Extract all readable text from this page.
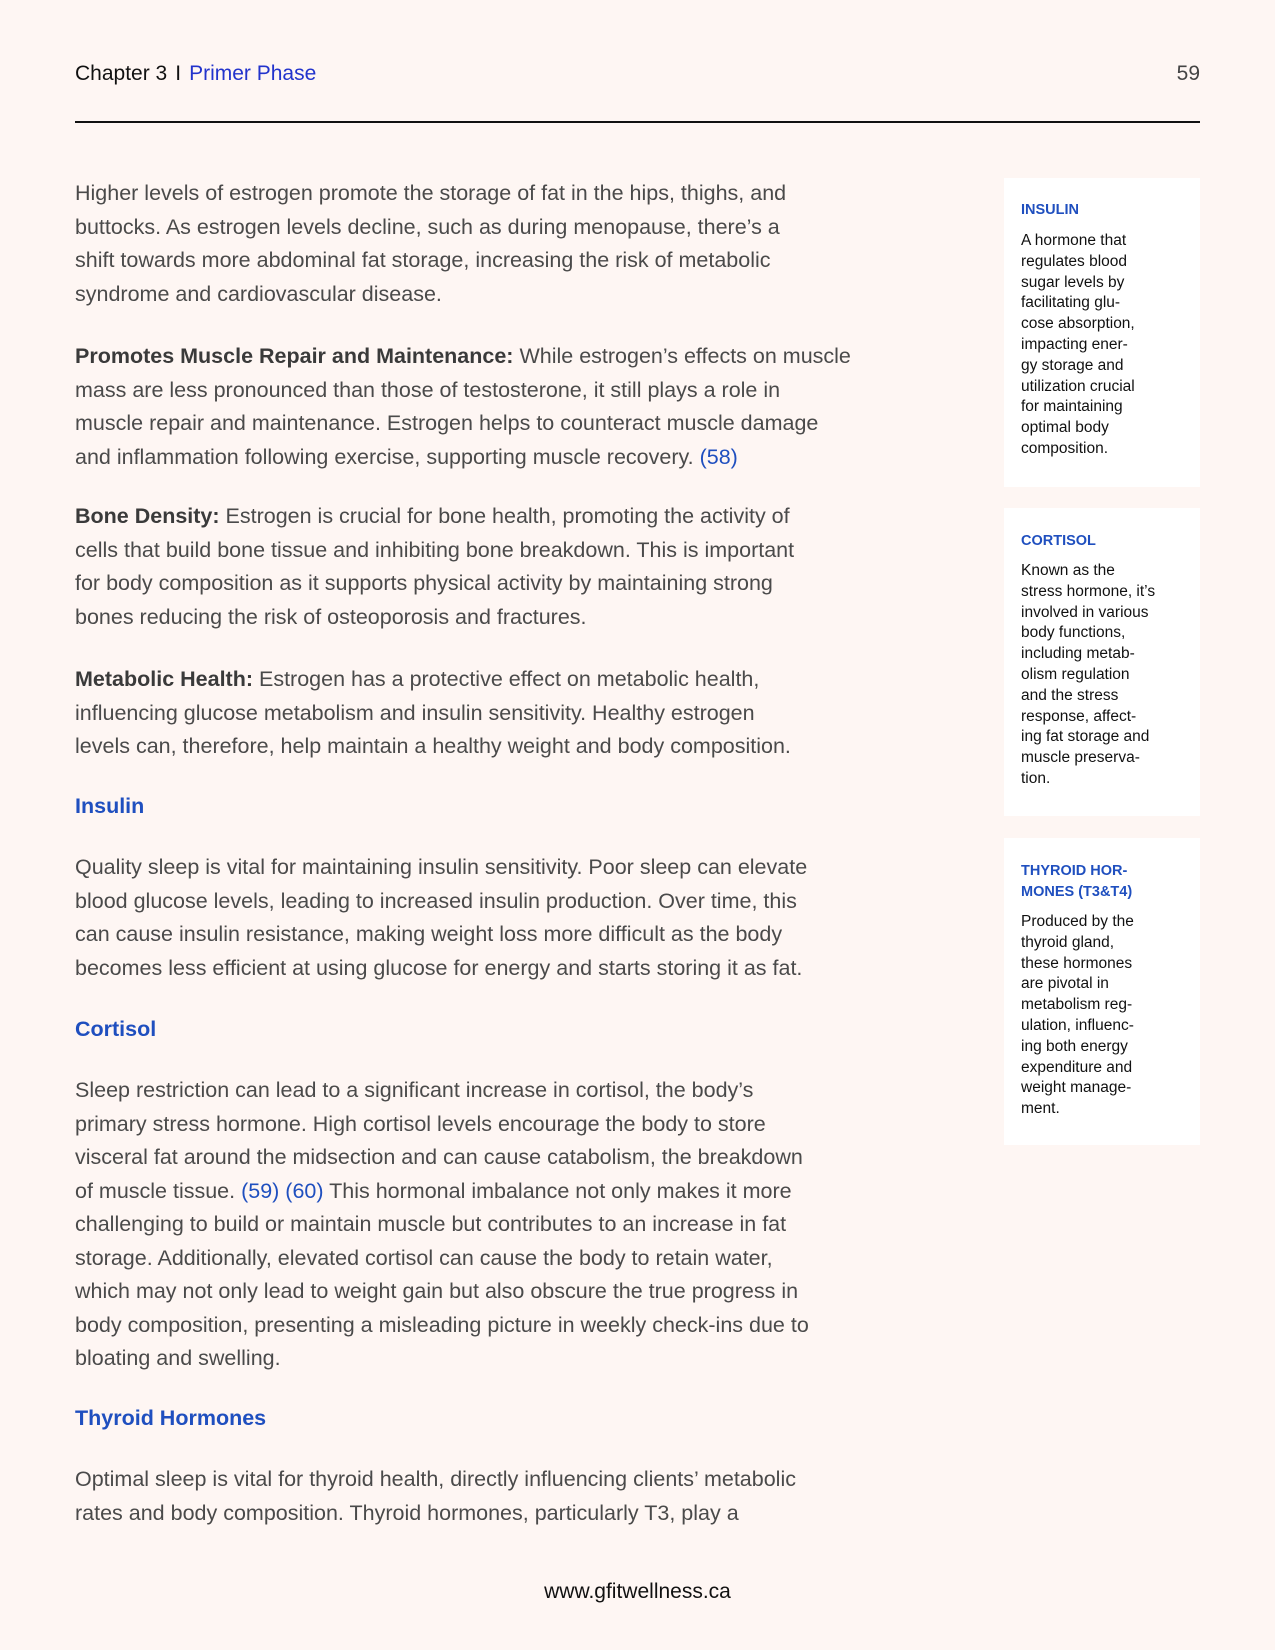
Chapter 3 I Primer Phase	59
Higher levels of estrogen promote the storage of fat in the hips, thighs, and
buttocks. As estrogen levels decline, such as during menopause, there’s a
shift towards more abdominal fat storage, increasing the risk of metabolic
syndrome and cardiovascular disease.
Promotes Muscle Repair and Maintenance: While estrogen’s effects on muscle
mass are less pronounced than those of testosterone, it still plays a role in
muscle repair and maintenance. Estrogen helps to counteract muscle damage
and inflammation following exercise, supporting muscle recovery. (58)
Bone Density: Estrogen is crucial for bone health, promoting the activity of
cells that build bone tissue and inhibiting bone breakdown. This is important
for body composition as it supports physical activity by maintaining strong
bones reducing the risk of osteoporosis and fractures.
Metabolic Health: Estrogen has a protective effect on metabolic health,
influencing glucose metabolism and insulin sensitivity. Healthy estrogen
levels can, therefore, help maintain a healthy weight and body composition.
Insulin
Quality sleep is vital for maintaining insulin sensitivity. Poor sleep can elevate
blood glucose levels, leading to increased insulin production. Over time, this
can cause insulin resistance, making weight loss more difficult as the body
becomes less efficient at using glucose for energy and starts storing it as fat.
Cortisol
Sleep restriction can lead to a significant increase in cortisol, the body’s
primary stress hormone. High cortisol levels encourage the body to store
visceral fat around the midsection and can cause catabolism, the breakdown
of muscle tissue. (59) (60) This hormonal imbalance not only makes it more
challenging to build or maintain muscle but contributes to an increase in fat
storage. Additionally, elevated cortisol can cause the body to retain water,
which may not only lead to weight gain but also obscure the true progress in
body composition, presenting a misleading picture in weekly check-ins due to
bloating and swelling.
Thyroid Hormones
Optimal sleep is vital for thyroid health, directly influencing clients’ metabolic
rates and body composition. Thyroid hormones, particularly T3, play a
INSULIN
A hormone that
regulates blood
sugar levels by
facilitating glu-
cose absorption,
impacting ener-
gy storage and
utilization crucial
for maintaining
optimal body
composition.
CORTISOL
Known as the
stress hormone, it’s
involved in various
body functions,
including metab-
olism regulation
and the stress
response, affect-
ing fat storage and
muscle preserva-
tion.
THYROID HOR-
MONES (T3&T4)
Produced by the
thyroid gland,
these hormones
are pivotal in
metabolism reg-
ulation, influenc-
ing both energy
expenditure and
weight manage-
ment.
www.gfitwellness.ca
